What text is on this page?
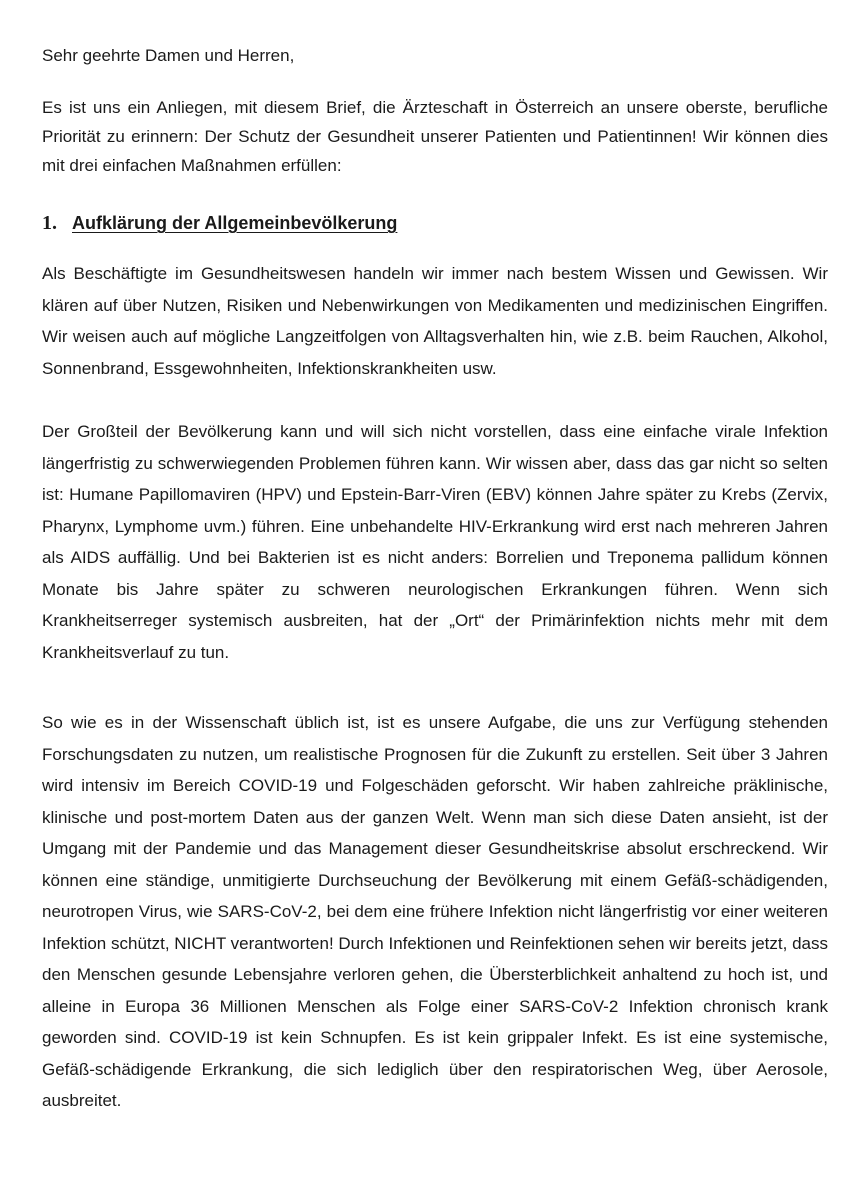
Sehr geehrte Damen und Herren,

Es ist uns ein Anliegen, mit diesem Brief, die Ärzteschaft in Österreich an unsere oberste, berufliche Priorität zu erinnern: Der Schutz der Gesundheit unserer Patienten und Patientinnen! Wir können dies mit drei einfachen Maßnahmen erfüllen:

1. Aufklärung der Allgemeinbevölkerung

Als Beschäftigte im Gesundheitswesen handeln wir immer nach bestem Wissen und Gewissen. Wir klären auf über Nutzen, Risiken und Nebenwirkungen von Medikamenten und medizinischen Eingriffen. Wir weisen auch auf mögliche Langzeitfolgen von Alltagsverhalten hin, wie z.B. beim Rauchen, Alkohol, Sonnenbrand, Essgewohnheiten, Infektionskrankheiten usw.

Der Großteil der Bevölkerung kann und will sich nicht vorstellen, dass eine einfache virale Infektion längerfristig zu schwerwiegenden Problemen führen kann. Wir wissen aber, dass das gar nicht so selten ist: Humane Papillomaviren (HPV) und Epstein-Barr-Viren (EBV) können Jahre später zu Krebs (Zervix, Pharynx, Lymphome uvm.) führen. Eine unbehandelte HIV-Erkrankung wird erst nach mehreren Jahren als AIDS auffällig. Und bei Bakterien ist es nicht anders: Borrelien und Treponema pallidum können Monate bis Jahre später zu schweren neurologischen Erkrankungen führen. Wenn sich Krankheitserreger systemisch ausbreiten, hat der „Ort“ der Primärinfektion nichts mehr mit dem Krankheitsverlauf zu tun.

So wie es in der Wissenschaft üblich ist, ist es unsere Aufgabe, die uns zur Verfügung stehenden Forschungsdaten zu nutzen, um realistische Prognosen für die Zukunft zu erstellen. Seit über 3 Jahren wird intensiv im Bereich COVID-19 und Folgeschäden geforscht. Wir haben zahlreiche präklinische, klinische und post-mortem Daten aus der ganzen Welt. Wenn man sich diese Daten ansieht, ist der Umgang mit der Pandemie und das Management dieser Gesundheitskrise absolut erschreckend. Wir können eine ständige, unmitigierte Durchseuchung der Bevölkerung mit einem Gefäß-schädigenden, neurotropen Virus, wie SARS-CoV-2, bei dem eine frühere Infektion nicht längerfristig vor einer weiteren Infektion schützt, NICHT verantworten! Durch Infektionen und Reinfektionen sehen wir bereits jetzt, dass den Menschen gesunde Lebensjahre verloren gehen, die Übersterblichkeit anhaltend zu hoch ist, und alleine in Europa 36 Millionen Menschen als Folge einer SARS-CoV-2 Infektion chronisch krank geworden sind. COVID-19 ist kein Schnupfen. Es ist kein grippaler Infekt. Es ist eine systemische, Gefäß-schädigende Erkrankung, die sich lediglich über den respiratorischen Weg, über Aerosole, ausbreitet.
